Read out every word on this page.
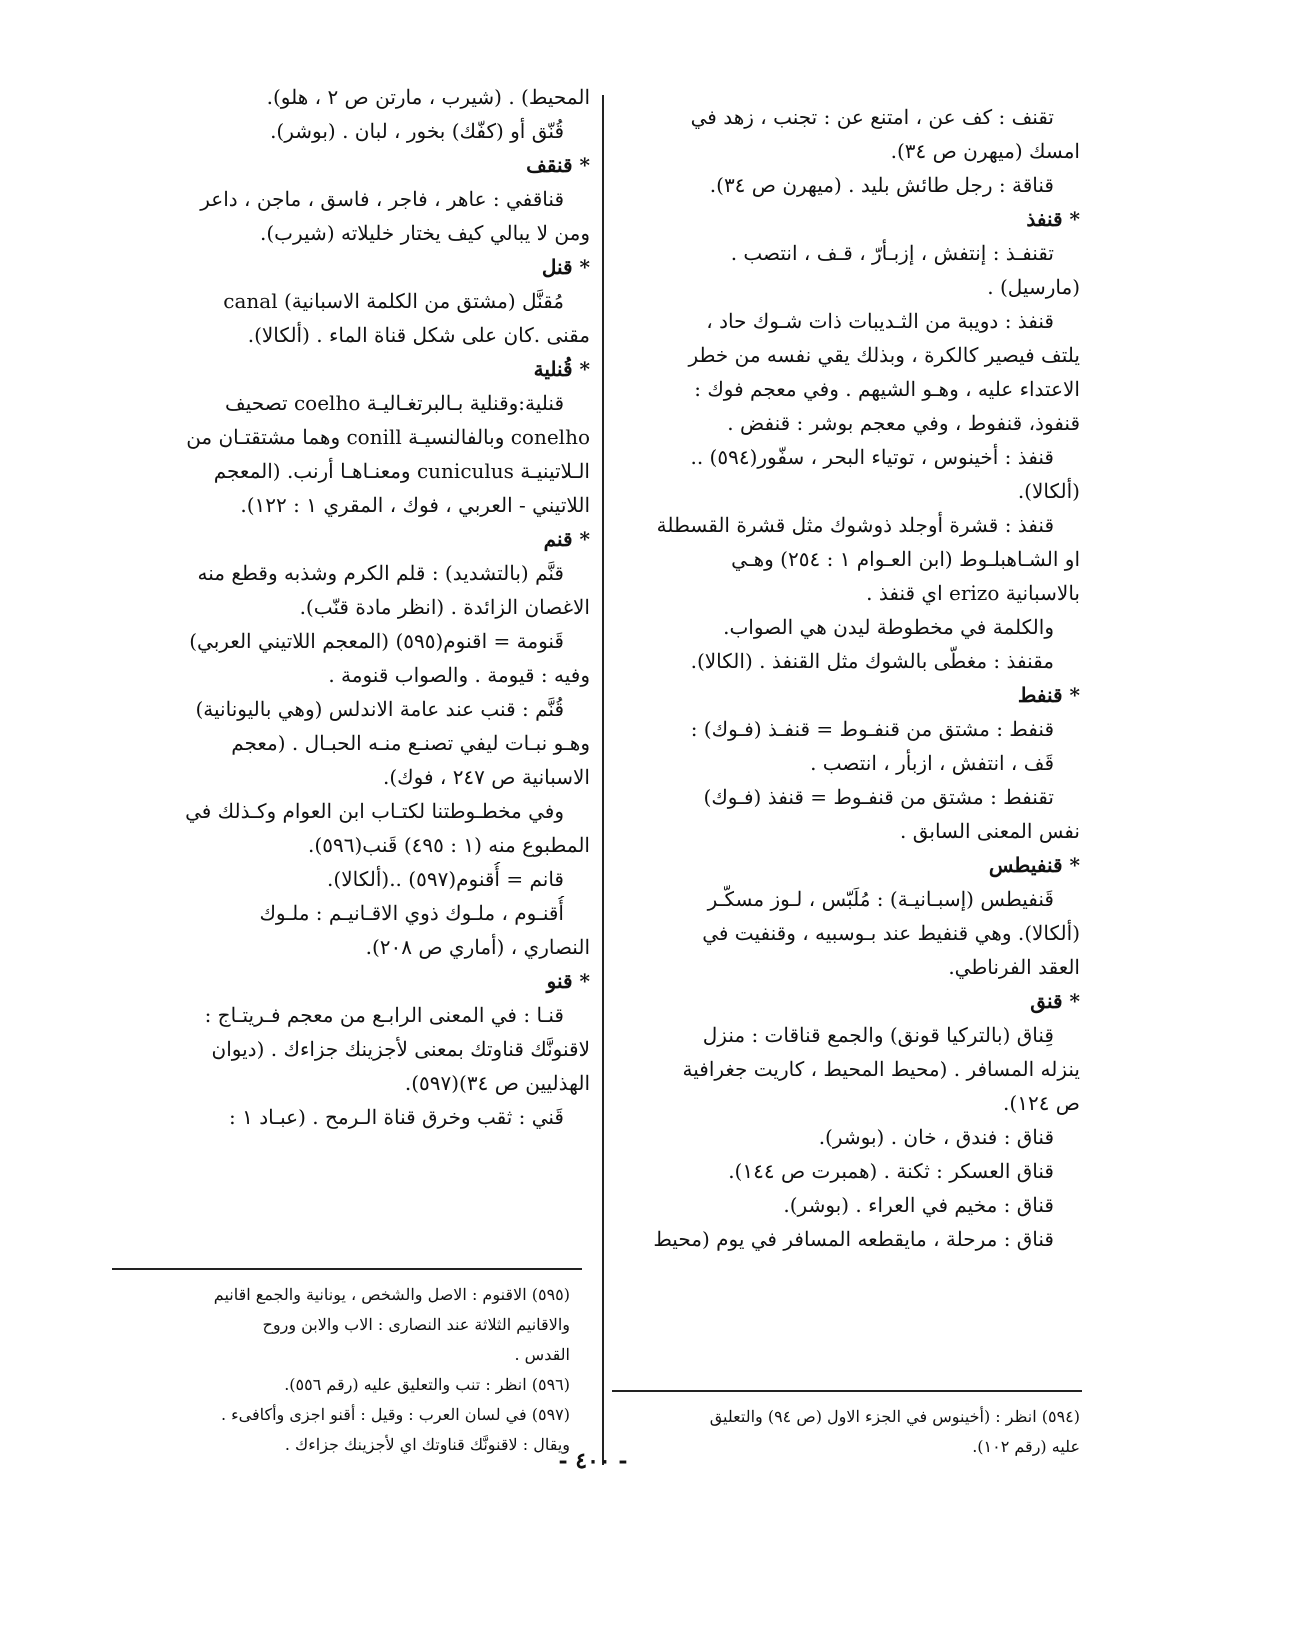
تقنف : كف عن ، امتنع عن : تجنب ، زهد في
امسك (ميهرن ص ٣٤).
قناقة : رجل طائش بليد . (ميهرن ص ٣٤).
* قنفذ
تقنفـذ : إنتفش ، إزبـأرّ ، قـف ، انتصب .
(مارسيل) .
قنفذ : دويبة من الثـديبات ذات شـوك حاد ،
يلتف فيصير كالكرة ، وبذلك يقي نفسه من خطر
الاعتداء عليه ، وهـو الشيهم . وفي معجم فوك :
قنفوذ، قنفوط ، وفي معجم بوشر : قنفض .
قنفذ : أخينوس ، توتياء البحر ، سفّور(٥٩٤) ..
(ألكالا).
قنفذ : قشرة أوجلد ذوشوك مثل قشرة القسطلة
او الشـاهبلـوط (ابن العـوام ١ : ٢٥٤) وهـي
بالاسبانية erizo اي قنفذ .
والكلمة في مخطوطة ليدن هي الصواب.
مقنفذ : مغطّى بالشوك مثل القنفذ . (الكالا).
* قنفط
قنفط : مشتق من قنفـوط = قنفـذ (فـوك) :
قَف ، انتفش ، ازبأر ، انتصب .
تقنفط : مشتق من قنفـوط = قنفذ (فـوك)
نفس المعنى السابق .
* قنفيطس
قَنفيطس (إسبـانيـة) : مُلَبّس ، لـوز مسكّـر
(ألكالا). وهي قنفيط عند بـوسبيه ، وقنفيت في
العقد الفرناطي.
* قنق
قِناق (بالتركيا قونق) والجمع قناقات : منزل
ينزله المسافر . (محيط المحيط ، كاريت جغرافية
ص ١٢٤).
قناق : فندق ، خان . (بوشر).
قناق العسكر : ثكنة . (همبرت ص ١٤٤).
قناق : مخيم في العراء . (بوشر).
قناق : مرحلة ، مايقطعه المسافر في يوم (محيط
المحيط) . (شيرب ، مارتن ص ٢ ، هلو).
قُنّق أو (كفّك) بخور ، لبان . (بوشر).
* قنقف
قناقفي : عاهر ، فاجر ، فاسق ، ماجن ، داعر
ومن لا يبالي كيف يختار خليلاته (شيرب).
* قنل
مُقنَّل (مشتق من الكلمة الاسبانية) canal
مقنى .كان على شكل قناة الماء . (ألكالا).
* قُنلية
قنلية:وقنلية بـالبرتغـاليـة coelho تصحيف
conelho وبالفالنسيـة conill وهما مشتقتـان من
الـلاتينيـة cuniculus ومعنـاهـا أرنب. (المعجم
اللاتيني - العربي ، فوك ، المقري ١ : ١٢٢).
* قنم
قنَّم (بالتشديد) : قلم الكرم وشذبه وقطع منه
الاغصان الزائدة . (انظر مادة قنّب).
قَنومة = اقنوم(٥٩٥) (المعجم اللاتيني العربي)
وفيه : قيومة . والصواب قنومة .
قُنَّم : قنب عند عامة الاندلس (وهي باليونانية)
وهـو نبـات ليفي تصنـع منـه الحبـال . (معجم
الاسبانية ص ٢٤٧ ، فوك).
وفي مخطـوطتنا لكتـاب ابن العوام وكـذلك في
المطبوع منه (١ : ٤٩٥) قَنب(٥٩٦).
قانم = أُقنوم(٥٩٧) ..(ألكالا).
أُقنـوم ، ملـوك ذوي الاقـانيـم : ملـوك
النصاري ، (أماري ص ٢٠٨).
* قنو
قنـا : في المعنى الرابـع من معجم فـريتـاج :
لاقنونَّك قناوتك بمعنى لأجزينك جزاءك . (ديوان
الهذليين ص ٣٤)(٥٩٧).
قَني : ثقب وخرق قناة الـرمح . (عبـاد ١ :
(٥٩٥) الاقنوم : الاصل والشخص ، يونانية والجمع اقانيم
والاقانيم الثلاثة عند النصارى : الاب والابن وروح
القدس .
(٥٩٦) انظر : تنب والتعليق عليه (رقم ٥٥٦).
(٥٩٧) في لسان العرب : وقيل : أقنو اجزى وأكافىء .
ويقال : لاقنونَّك قناوتك اي لأجزينك جزاءك .
(٥٩٤) انظر : (أخينوس في الجزء الاول (ص ٩٤) والتعليق
عليه (رقم ١٠٢).
- ٤٠٠ -
